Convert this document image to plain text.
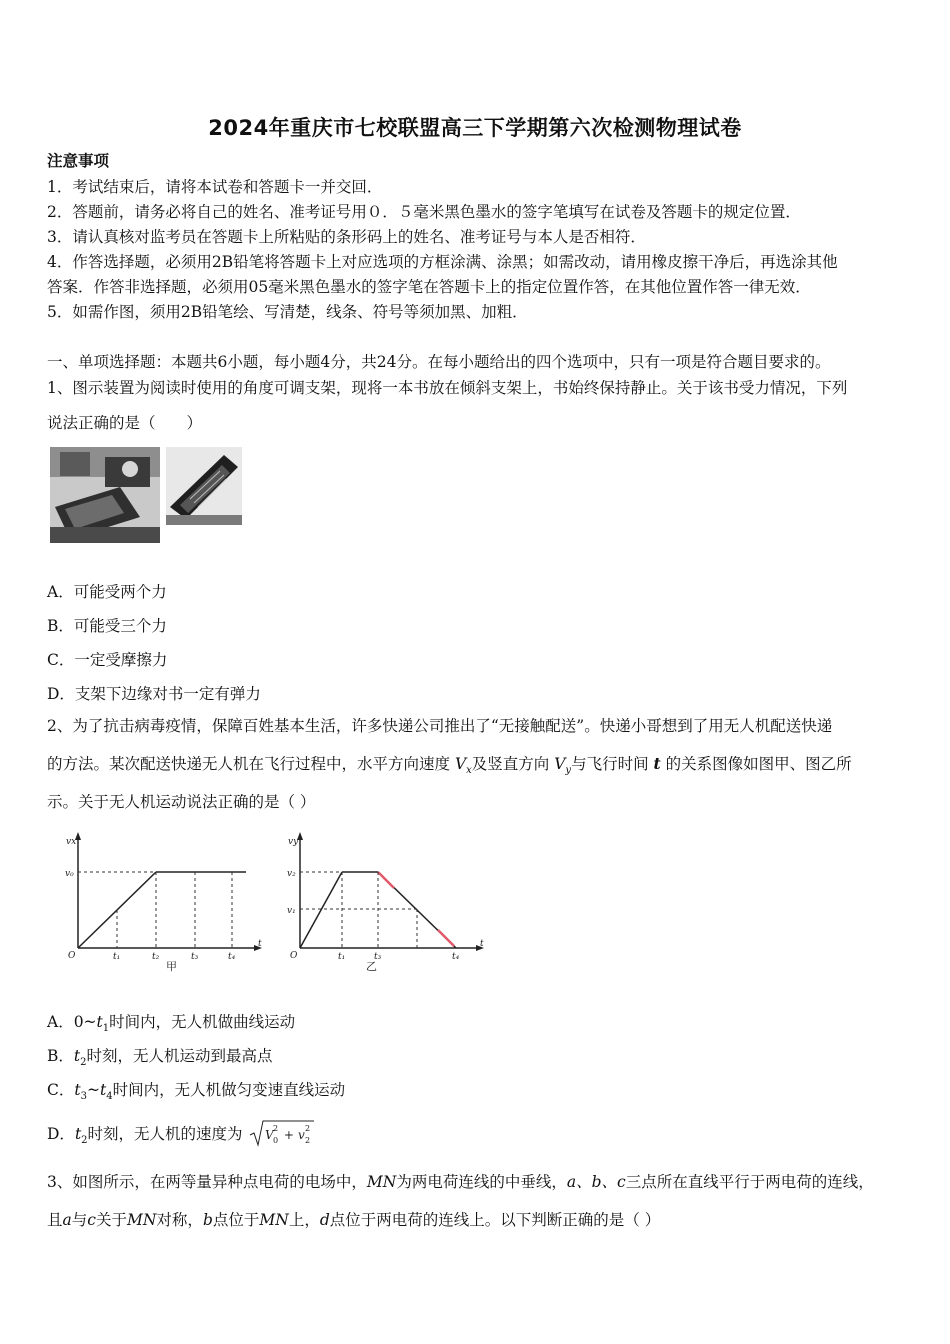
2024年重庆市七校联盟高三下学期第六次检测物理试卷
注意事项
1．考试结束后，请将本试卷和答题卡一并交回．
2．答题前，请务必将自己的姓名、准考证号用０．５毫米黑色墨水的签字笔填写在试卷及答题卡的规定位置．
3．请认真核对监考员在答题卡上所粘贴的条形码上的姓名、准考证号与本人是否相符．
4．作答选择题，必须用2B铅笔将答题卡上对应选项的方框涂满、涂黑；如需改动，请用橡皮擦干净后，再选涂其他
答案．作答非选择题，必须用05毫米黑色墨水的签字笔在答题卡上的指定位置作答，在其他位置作答一律无效．
5．如需作图，须用2B铅笔绘、写清楚，线条、符号等须加黑、加粗．
一、单项选择题：本题共6小题，每小题4分，共24分。在每小题给出的四个选项中，只有一项是符合题目要求的。
1、图示装置为阅读时使用的角度可调支架，现将一本书放在倾斜支架上，书始终保持静止。关于该书受力情况，下列
说法正确的是（　　）
A．可能受两个力
B．可能受三个力
C．一定受摩擦力
D．支架下边缘对书一定有弹力
2、为了抗击病毒疫情，保障百姓基本生活，许多快递公司推出了“无接触配送”。快递小哥想到了用无人机配送快递
的方法。某次配送快递无人机在飞行过程中，水平方向速度 $V_x$及竖直方向 $V_y$与飞行时间 t 的关系图像如图甲、图乙所
示。关于无人机运动说法正确的是（ ）
vx
v₀
O
t
t₁	t₂	t₃	t₄
甲
vy
v₂
v₁
O
t
t₁	t₃	t₄
乙
A．$0\sim t_1$时间内，无人机做曲线运动
B．$t_2$时刻，无人机运动到最高点
C．$t_3\sim t_4$时间内，无人机做匀变速直线运动
D．$t_2$时刻，无人机的速度为 V 0
2 + v 2
2
3、如图所示，在两等量异种点电荷的电场中，MN为两电荷连线的中垂线，a、b、c三点所在直线平行于两电荷的连线，
且a与c关于MN对称，b点位于MN上，d点位于两电荷的连线上。以下判断正确的是（ ）
